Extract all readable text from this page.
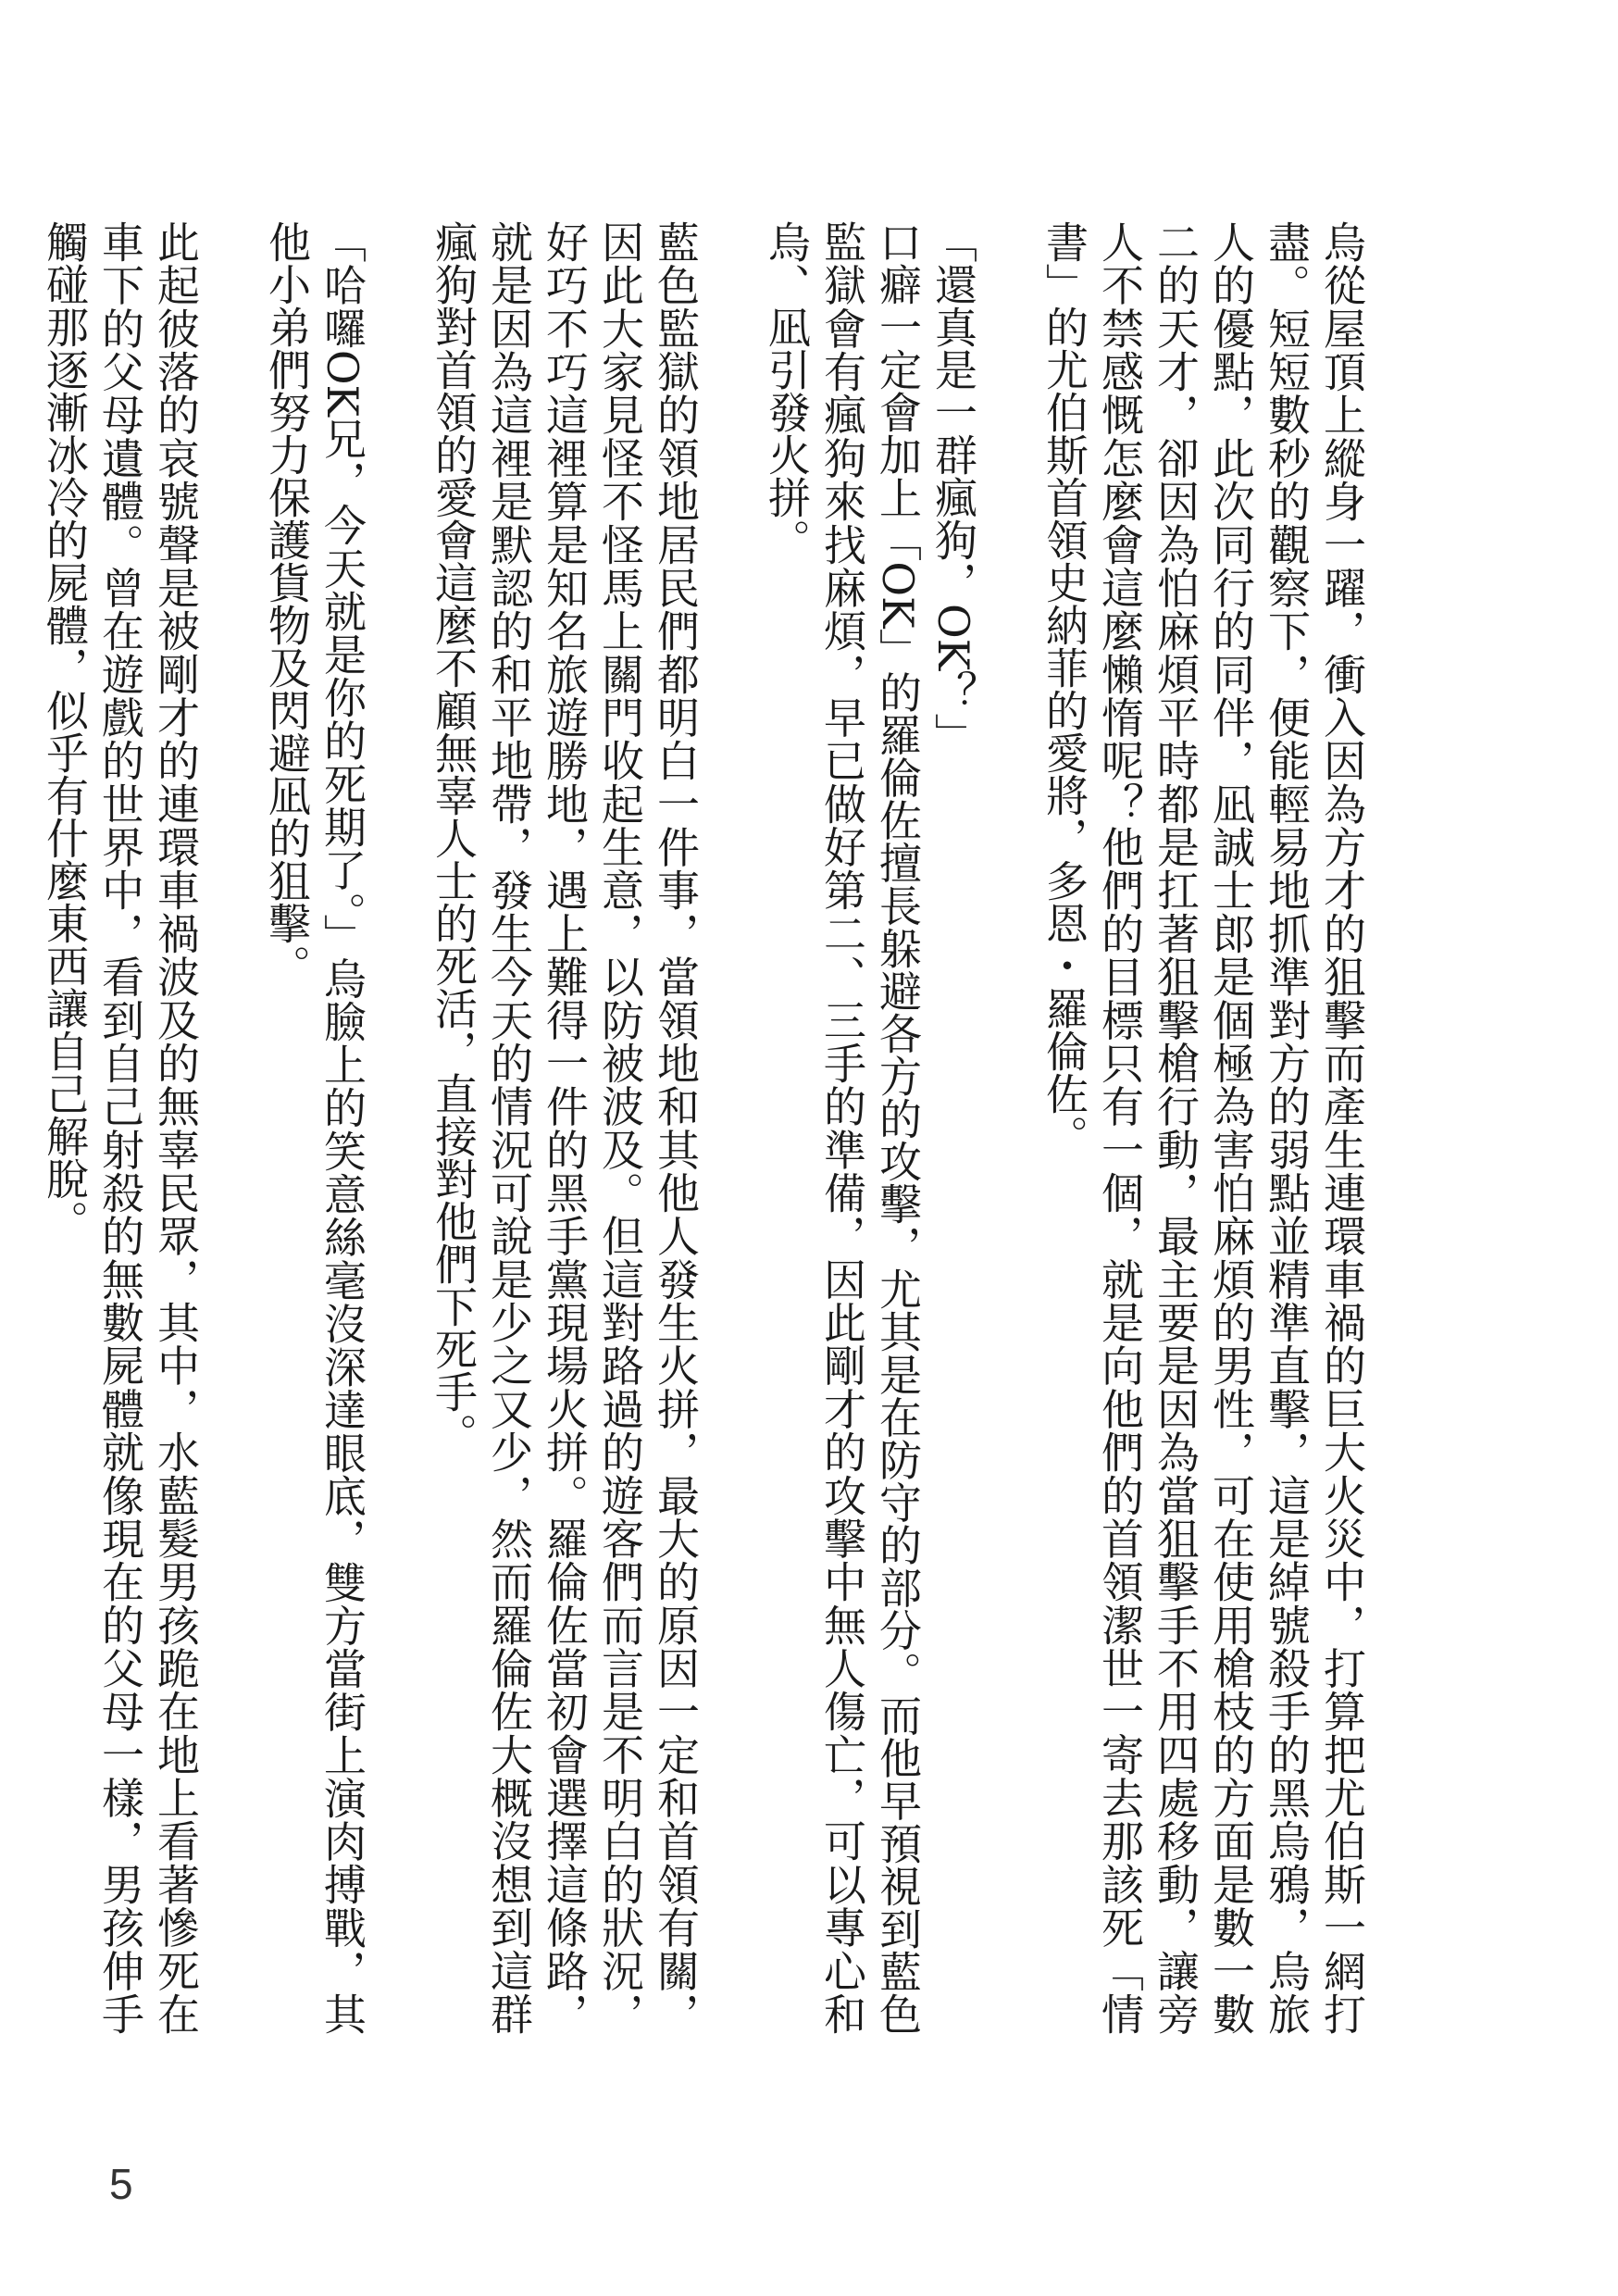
烏從屋頂上縱身一躍，衝入因為方才的狙擊而產生連環車禍的巨大火災中，打算把尤伯斯一網打盡。短短數秒的觀察下，便能輕易地抓準對方的弱點並精準直擊，這是綽號殺手的黑烏鴉，烏旅人的優點，此次同行的同伴，凪誠士郎是個極為害怕麻煩的男性，可在使用槍枝的方面是數一數二的天才，卻因為怕麻煩平時都是扛著狙擊槍行動，最主要是因為當狙擊手不用四處移動，讓旁人不禁感慨怎麼會這麼懶惰呢？他們的目標只有一個，就是向他們的首領潔世一寄去那該死「情書」的尤伯斯首領史納菲的愛將，多恩・羅倫佐。

「還真是一群瘋狗，OK？」

口癖一定會加上「OK」的羅倫佐擅長躲避各方的攻擊，尤其是在防守的部分。而他早預視到藍色監獄會有瘋狗來找麻煩，早已做好第二、三手的準備，因此剛才的攻擊中無人傷亡，可以專心和烏、凪引發火拼。

藍色監獄的領地居民們都明白一件事，當領地和其他人發生火拼，最大的原因一定和首領有關，因此大家見怪不怪馬上關門收起生意，以防被波及。但這對路過的遊客們而言是不明白的狀況，好巧不巧這裡算是知名旅遊勝地，遇上難得一件的黑手黨現場火拼。羅倫佐當初會選擇這條路，就是因為這裡是默認的和平地帶，發生今天的情況可說是少之又少，然而羅倫佐大概沒想到這群瘋狗對首領的愛會這麼不顧無辜人士的死活，直接對他們下死手。

「哈囉OK兄，今天就是你的死期了。」烏臉上的笑意絲毫沒深達眼底，雙方當街上演肉搏戰，其他小弟們努力保護貨物及閃避凪的狙擊。

此起彼落的哀號聲是被剛才的連環車禍波及的無辜民眾，其中，水藍髮男孩跪在地上看著慘死在車下的父母遺體。曾在遊戲的世界中，看到自己射殺的無數屍體就像現在的父母一樣，男孩伸手觸碰那逐漸冰冷的屍體，似乎有什麼東西讓自己解脫。

5
